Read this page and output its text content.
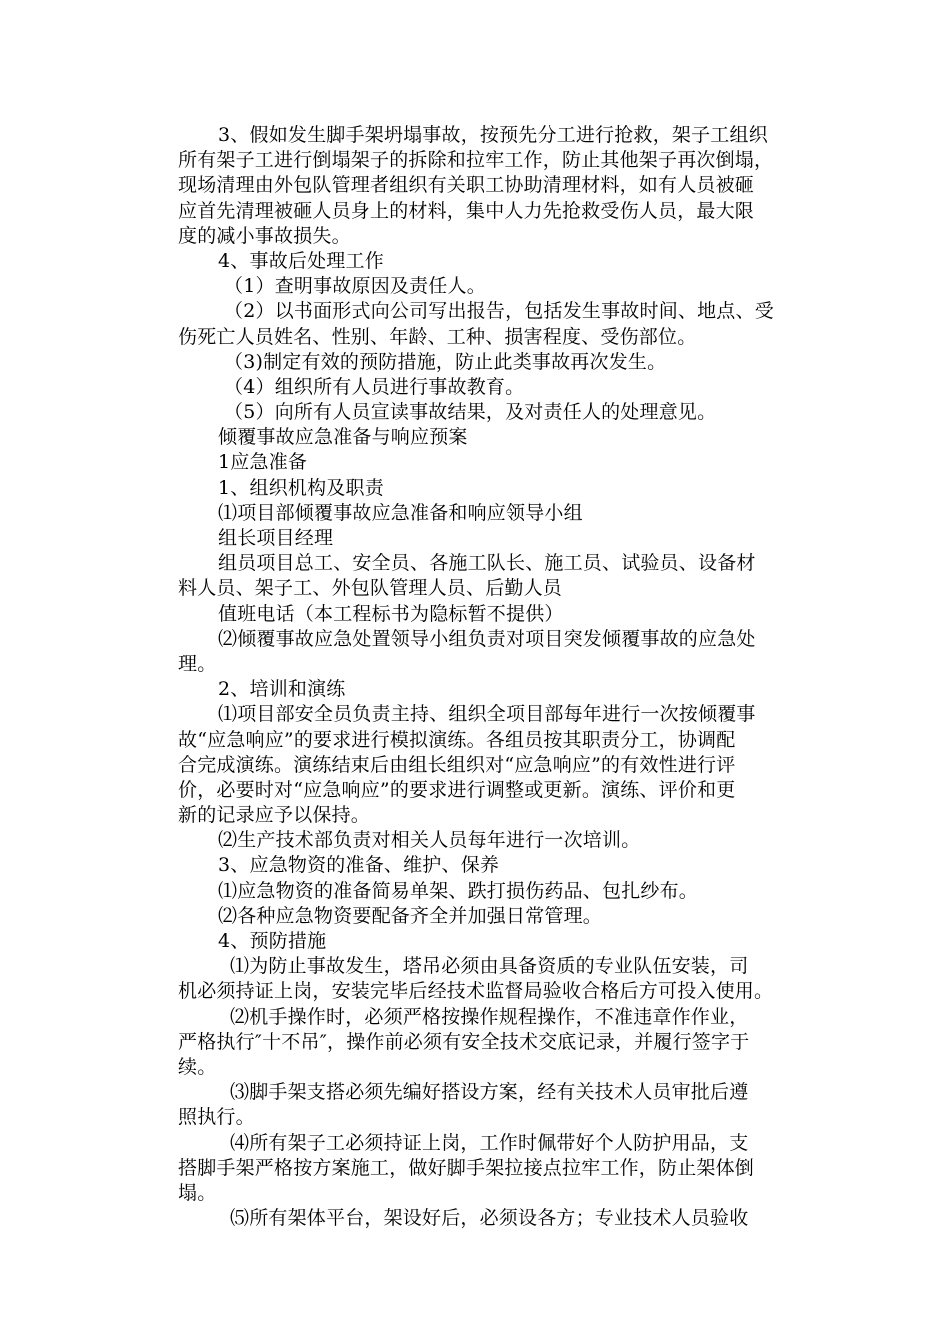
3、假如发生脚手架坍塌事故，按预先分工进行抢救，架子工组织
所有架子工进行倒塌架子的拆除和拉牢工作，防止其他架子再次倒塌，
现场清理由外包队管理者组织有关职工协助清理材料，如有人员被砸
应首先清理被砸人员身上的材料，集中人力先抢救受伤人员，最大限
度的减小事故损失。
4、事故后处理工作
（1）查明事故原因及责任人。
（2）以书面形式向公司写出报告，包括发生事故时间、地点、受
伤死亡人员姓名、性别、年龄、工种、损害程度、受伤部位。
（3)制定有效的预防措施，防止此类事故再次发生。
（4）组织所有人员进行事故教育。
（5）向所有人员宣读事故结果，及对责任人的处理意见。
倾覆事故应急准备与响应预案
1应急准备
1、组织机构及职责
⑴项目部倾覆事故应急准备和响应领导小组
组长项目经理
组员项目总工、安全员、各施工队长、施工员、试验员、设备材
料人员、架子工、外包队管理人员、后勤人员
值班电话（本工程标书为隐标暂不提供）
⑵倾覆事故应急处置领导小组负责对项目突发倾覆事故的应急处
理。
2、培训和演练
⑴项目部安全员负责主持、组织全项目部每年进行一次按倾覆事
故“应急响应”的要求进行模拟演练。各组员按其职责分工，协调配
合完成演练。演练结束后由组长组织对“应急响应”的有效性进行评
价，必要时对“应急响应”的要求进行调整或更新。演练、评价和更
新的记录应予以保持。
⑵生产技术部负责对相关人员每年进行一次培训。
3、应急物资的准备、维护、保养
⑴应急物资的准备简易单架、跌打损伤药品、包扎纱布。
⑵各种应急物资要配备齐全并加强日常管理。
4、预防措施
⑴为防止事故发生，塔吊必须由具备资质的专业队伍安装，司
机必须持证上岗，安装完毕后经技术监督局验收合格后方可投入使用。
⑵机手操作时，必须严格按操作规程操作，不准违章作作业，
严格执行″十不吊″，操作前必须有安全技术交底记录，并履行签字于
续。
⑶脚手架支搭必须先编好搭设方案，经有关技术人员审批后遵
照执行。
⑷所有架子工必须持证上岗，工作时佩带好个人防护用品，支
搭脚手架严格按方案施工，做好脚手架拉接点拉牢工作，防止架体倒
塌。
⑸所有架体平台，架设好后，必须设各方；专业技术人员验收
